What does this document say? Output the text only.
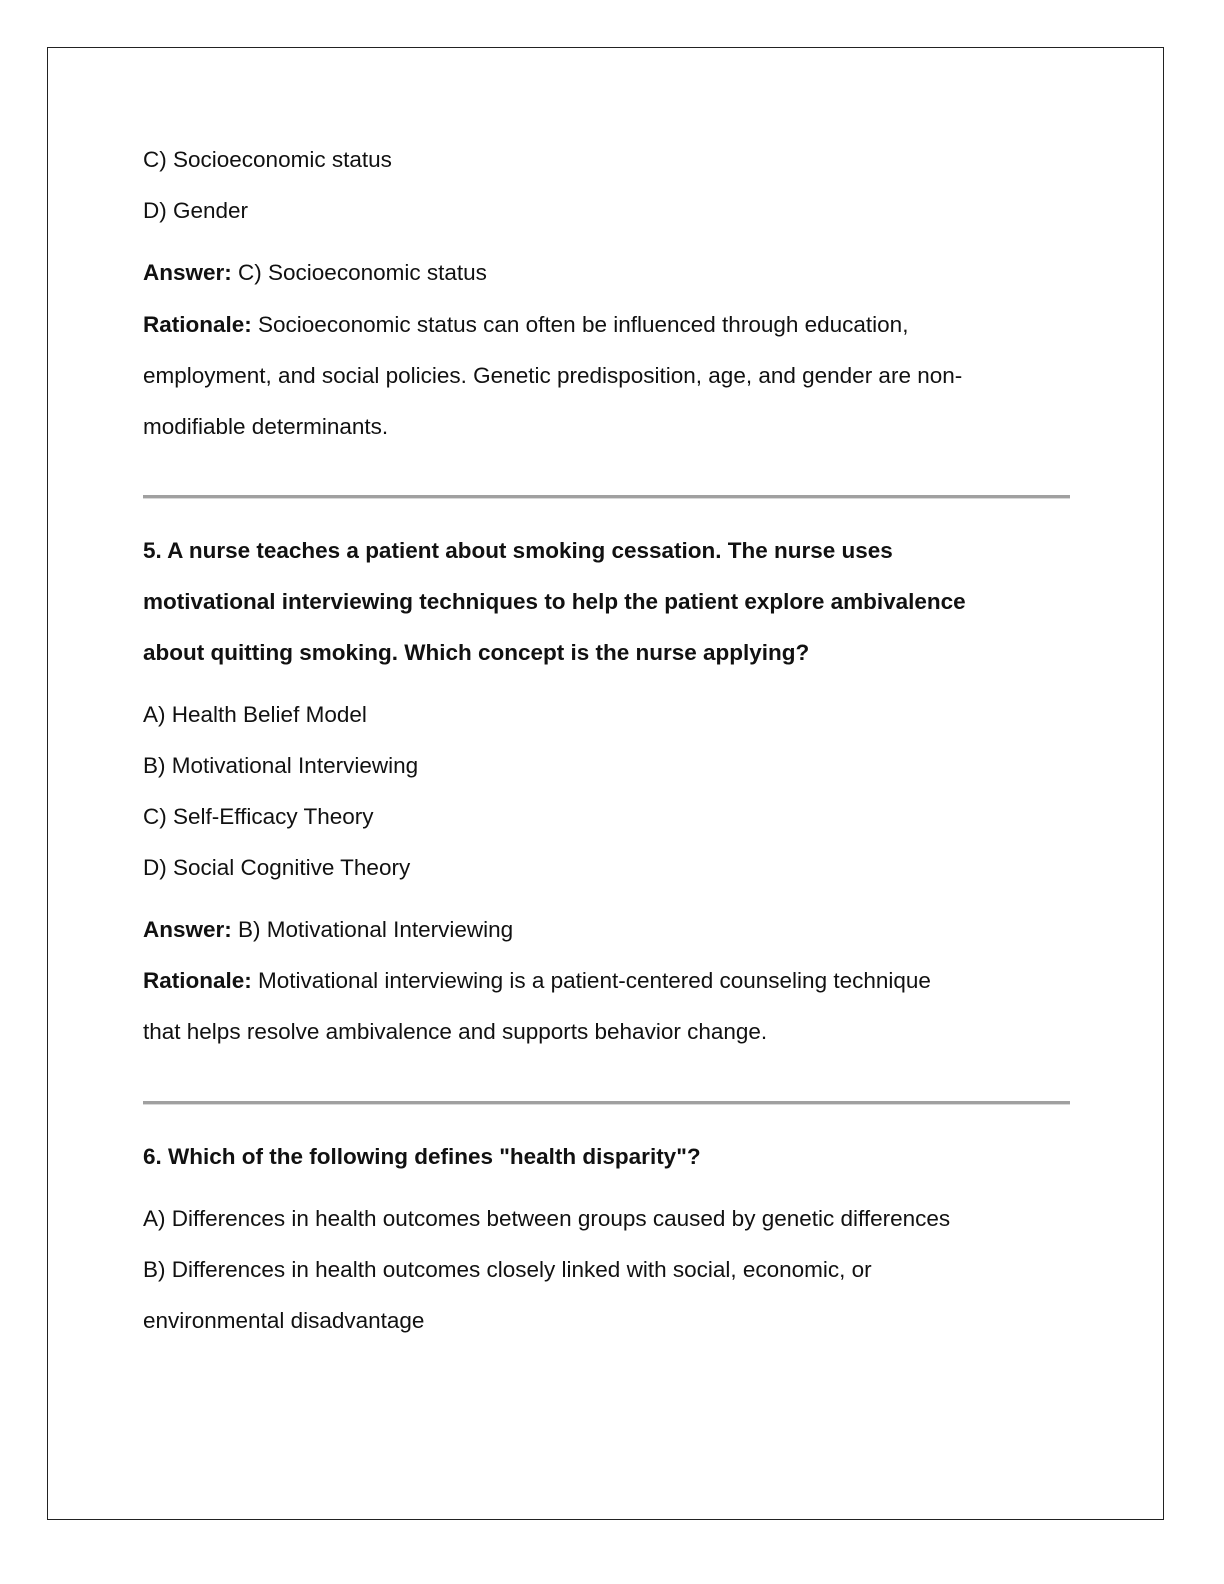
C) Socioeconomic status
D) Gender
Answer: C) Socioeconomic status
Rationale: Socioeconomic status can often be influenced through education,
employment, and social policies. Genetic predisposition, age, and gender are non-
modifiable determinants.
5. A nurse teaches a patient about smoking cessation. The nurse uses
motivational interviewing techniques to help the patient explore ambivalence
about quitting smoking. Which concept is the nurse applying?
A) Health Belief Model
B) Motivational Interviewing
C) Self-Efficacy Theory
D) Social Cognitive Theory
Answer: B) Motivational Interviewing
Rationale: Motivational interviewing is a patient-centered counseling technique
that helps resolve ambivalence and supports behavior change.
6. Which of the following defines "health disparity"?
A) Differences in health outcomes between groups caused by genetic differences
B) Differences in health outcomes closely linked with social, economic, or
environmental disadvantage
